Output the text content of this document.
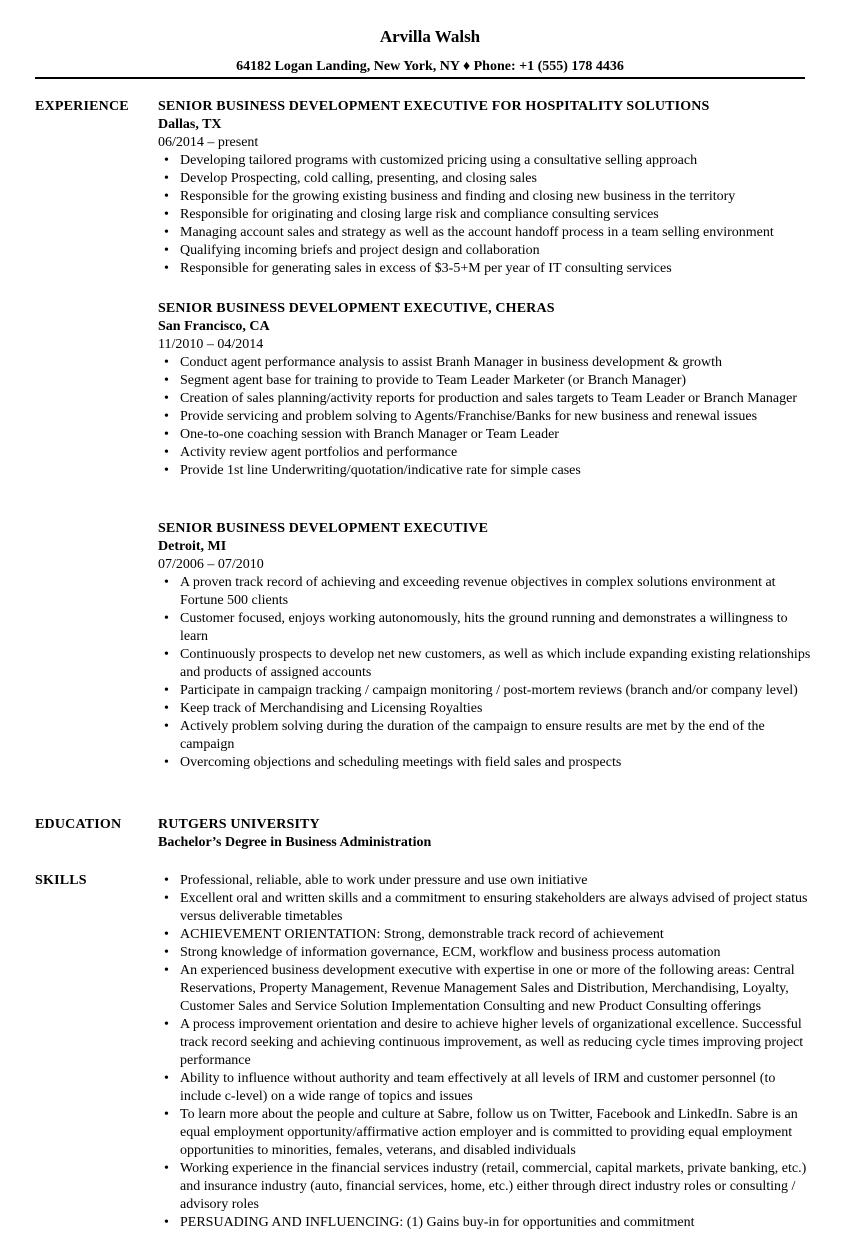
Arvilla Walsh
64182 Logan Landing, New York, NY ♦ Phone: +1 (555) 178 4436
EXPERIENCE SENIOR BUSINESS DEVELOPMENT EXECUTIVE FOR HOSPITALITY SOLUTIONS
Dallas, TX
06/2014 – present
• Developing tailored programs with customized pricing using a consultative selling approach
• Develop Prospecting, cold calling, presenting, and closing sales
• Responsible for the growing existing business and finding and closing new business in the territory
• Responsible for originating and closing large risk and compliance consulting services
• Managing account sales and strategy as well as the account handoff process in a team selling environment
• Qualifying incoming briefs and project design and collaboration
• Responsible for generating sales in excess of $3-5+M per year of IT consulting services
SENIOR BUSINESS DEVELOPMENT EXECUTIVE, CHERAS
San Francisco, CA
11/2010 – 04/2014
• Conduct agent performance analysis to assist Branh Manager in business development & growth
• Segment agent base for training to provide to Team Leader Marketer (or Branch Manager)
• Creation of sales planning/activity reports for production and sales targets to Team Leader or Branch Manager
• Provide servicing and problem solving to Agents/Franchise/Banks for new business and renewal issues
• One-to-one coaching session with Branch Manager or Team Leader
• Activity review agent portfolios and performance
• Provide 1st line Underwriting/quotation/indicative rate for simple cases
SENIOR BUSINESS DEVELOPMENT EXECUTIVE
Detroit, MI
07/2006 – 07/2010
• A proven track record of achieving and exceeding revenue objectives in complex solutions environment at Fortune 500 clients
• Customer focused, enjoys working autonomously, hits the ground running and demonstrates a willingness to learn
• Continuously prospects to develop net new customers, as well as which include expanding existing relationships and products of assigned accounts
• Participate in campaign tracking / campaign monitoring / post-mortem reviews (branch and/or company level)
• Keep track of Merchandising and Licensing Royalties
• Actively problem solving during the duration of the campaign to ensure results are met by the end of the campaign
• Overcoming objections and scheduling meetings with field sales and prospects
EDUCATION	RUTGERS UNIVERSITY
Bachelor’s Degree in Business Administration
SKILLS
•	Professional, reliable, able to work under pressure and use own initiative
• Excellent oral and written skills and a commitment to ensuring stakeholders are always advised of project status versus deliverable timetables
• ACHIEVEMENT ORIENTATION: Strong, demonstrable track record of achievement
• Strong knowledge of information governance, ECM, workflow and business process automation
• An experienced business development executive with expertise in one or more of the following areas: Central Reservations, Property Management, Revenue Management Sales and Distribution, Merchandising, Loyalty, Customer Sales and Service Solution Implementation Consulting and new Product Consulting offerings
• A process improvement orientation and desire to achieve higher levels of organizational excellence. Successful track record seeking and achieving continuous improvement, as well as reducing cycle times improving project performance
• Ability to influence without authority and team effectively at all levels of IRM and customer personnel (to include c-level) on a wide range of topics and issues
• To learn more about the people and culture at Sabre, follow us on Twitter, Facebook and LinkedIn. Sabre is an equal employment opportunity/affirmative action employer and is committed to providing equal employment opportunities to minorities, females, veterans, and disabled individuals
• Working experience in the financial services industry (retail, commercial, capital markets, private banking, etc.) and insurance industry (auto, financial services, home, etc.) either through direct industry roles or consulting / advisory roles
• PERSUADING AND INFLUENCING: (1) Gains buy-in for opportunities and commitment
